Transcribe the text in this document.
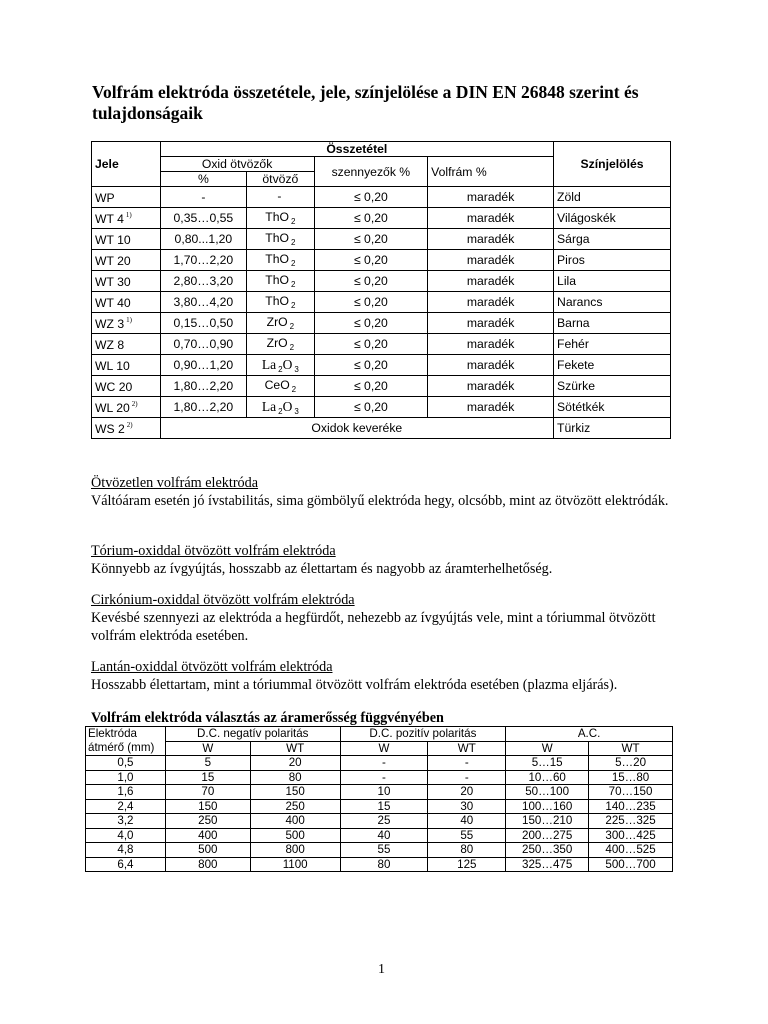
Volfrám elektróda összetétele, jele, színjelölése a DIN EN 26848 szerint és tulajdonságaik
Jele	Összetétel				Színjelölés
	Oxid ötvözők		szennyezők %	Volfrám %	
	%	ötvöző			
WP	-	-	≤ 0,20	maradék	Zöld
WT 4 $^{1)}$	0,35…0,55	ThO $_2$	≤ 0,20	maradék	Világoskék
WT 10	0,80...1,20	ThO $_2$	≤ 0,20	maradék	Sárga
WT 20	1,70…2,20	ThO $_2$	≤ 0,20	maradék	Piros
WT 30	2,80…3,20	ThO $_2$	≤ 0,20	maradék	Lila
WT 40	3,80…4,20	ThO $_2$	≤ 0,20	maradék	Narancs
WZ 3 $^{1)}$	0,15…0,50	ZrO $_2$	≤ 0,20	maradék	Barna
WZ 8	0,70…0,90	ZrO $_2$	≤ 0,20	maradék	Fehér
WL 10	0,90…1,20	La $_2$O $_3$	≤ 0,20	maradék	Fekete
WC 20	1,80…2,20	CeO $_2$	≤ 0,20	maradék	Szürke
WL 20 $^{2)}$	1,80…2,20	La $_2$O $_3$	≤ 0,20	maradék	Sötétkék
WS 2 $^{2)}$	Oxidok keveréke				Türkiz
Ötvözetlen volfrám elektróda
Váltóáram esetén jó ívstabilitás, sima gömbölyű elektróda hegy, olcsóbb, mint az ötvözött elektródák.
Tórium-oxiddal ötvözött volfrám elektróda
Könnyebb az ívgyújtás, hosszabb az élettartam és nagyobb az áramterhelhetőség.
Cirkónium-oxiddal ötvözött volfrám elektróda
Kevésbé szennyezi az elektróda a hegfürdőt, nehezebb az ívgyújtás vele, mint a tóriummal ötvözött volfrám elektróda esetében.
Lantán-oxiddal ötvözött volfrám elektróda
Hosszabb élettartam, mint a tóriummal ötvözött volfrám elektróda esetében (plazma eljárás).
Volfrám elektróda választás az áramerősség függvényében
Elektróda	D.C. negatív polaritás		D.C. pozitív polaritás		A.C.	
átmérő (mm)	W	WT	W	WT	W	WT
0,5	5	20	-	-	5…15	5…20
1,0	15	80	-	-	10…60	15…80
1,6	70	150	10	20	50…100	70…150
2,4	150	250	15	30	100…160	140…235
3,2	250	400	25	40	150…210	225…325
4,0	400	500	40	55	200…275	300…425
4,8	500	800	55	80	250…350	400…525
6,4	800	1100	80	125	325…475	500…700
1
